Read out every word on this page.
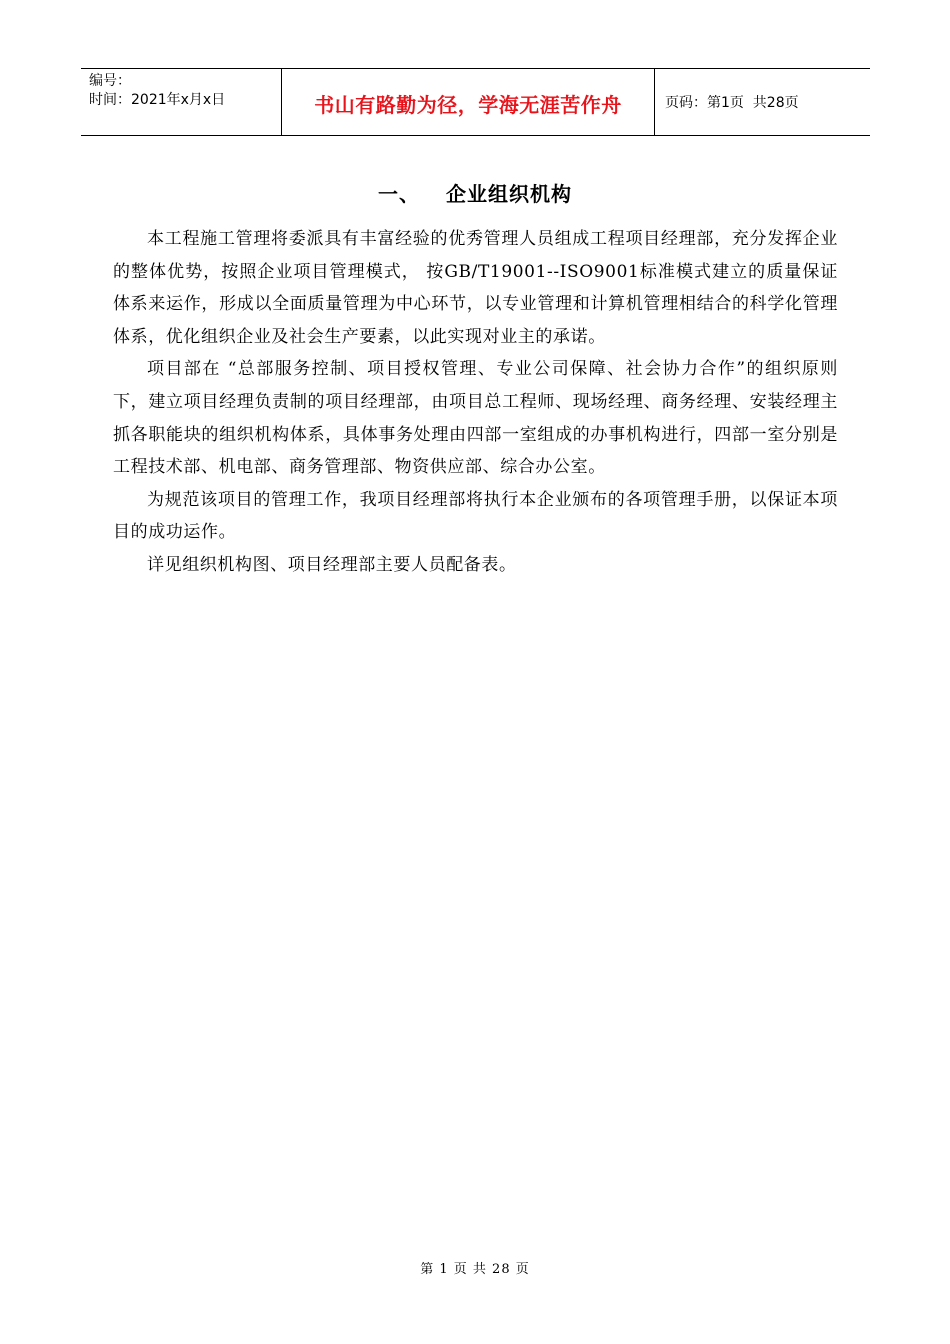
编号：
时间：2021年x月x日	书山有路勤为径，学海无涯苦作舟	页码：第1页  共28页
一、 企业组织机构

本工程施工管理将委派具有丰富经验的优秀管理人员组成工程项目经理部，充分发挥企业的整体优势，按照企业项目管理模式， 按GB/T19001--ISO9001标准模式建立的质量保证体系来运作，形成以全面质量管理为中心环节，以专业管理和计算机管理相结合的科学化管理体系，优化组织企业及社会生产要素，以此实现对业主的承诺。

项目部在 “总部服务控制、项目授权管理、专业公司保障、社会协力合作”的组织原则下，建立项目经理负责制的项目经理部，由项目总工程师、现场经理、商务经理、安装经理主抓各职能块的组织机构体系，具体事务处理由四部一室组成的办事机构进行，四部一室分别是工程技术部、机电部、商务管理部、物资供应部、综合办公室。

为规范该项目的管理工作，我项目经理部将执行本企业颁布的各项管理手册，以保证本项目的成功运作。

详见组织机构图、项目经理部主要人员配备表。

第 1 页 共 28 页
